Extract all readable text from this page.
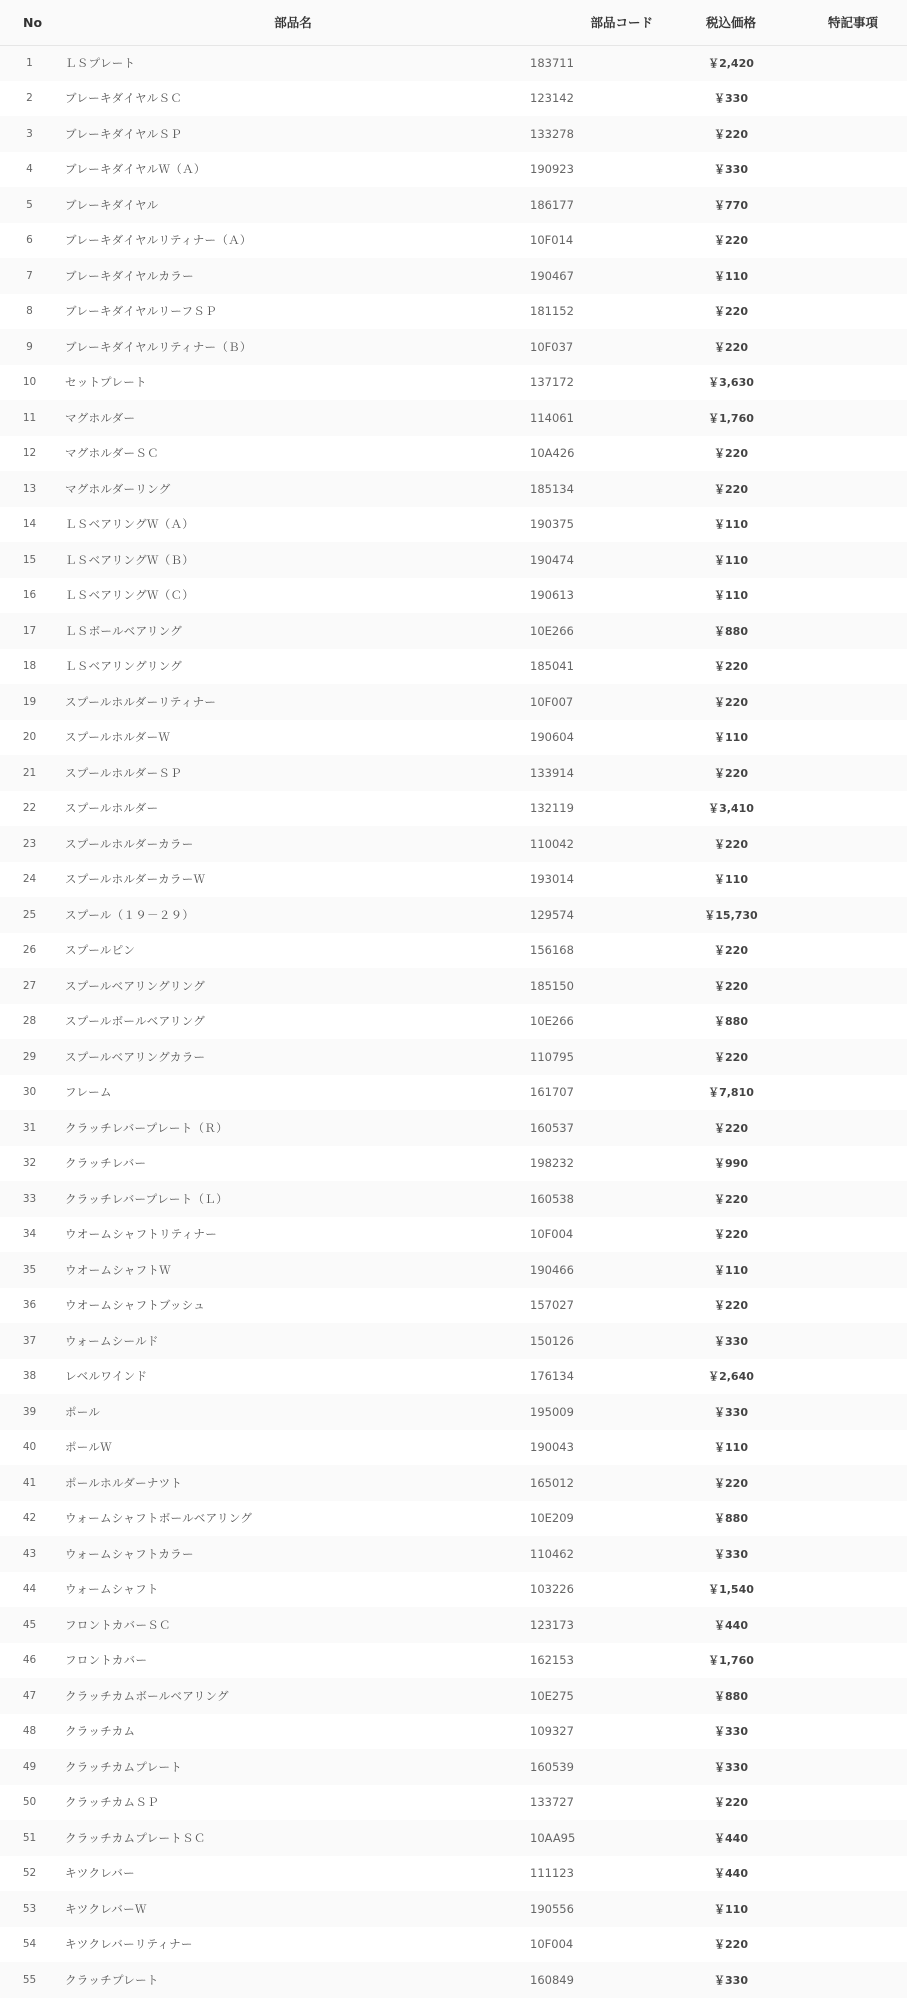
No	部品名	部品コード	税込価格	特記事項
1	ＬＳプレート	183711	￥2,420	
2	ブレーキダイヤルＳＣ	123142	￥330	
3	ブレーキダイヤルＳＰ	133278	￥220	
4	ブレーキダイヤルＷ（Ａ）	190923	￥330	
5	ブレーキダイヤル	186177	￥770	
6	ブレーキダイヤルリティナー（Ａ）	10F014	￥220	
7	ブレーキダイヤルカラー	190467	￥110	
8	ブレーキダイヤルリーフＳＰ	181152	￥220	
9	ブレーキダイヤルリティナー（Ｂ）	10F037	￥220	
10	セットプレート	137172	￥3,630	
11	マグホルダー	114061	￥1,760	
12	マグホルダーＳＣ	10A426	￥220	
13	マグホルダーリング	185134	￥220	
14	ＬＳベアリングＷ（Ａ）	190375	￥110	
15	ＬＳベアリングＷ（Ｂ）	190474	￥110	
16	ＬＳベアリングＷ（Ｃ）	190613	￥110	
17	ＬＳボールベアリング	10E266	￥880	
18	ＬＳベアリングリング	185041	￥220	
19	スプールホルダーリティナー	10F007	￥220	
20	スプールホルダーＷ	190604	￥110	
21	スプールホルダーＳＰ	133914	￥220	
22	スプールホルダー	132119	￥3,410	
23	スプールホルダーカラー	110042	￥220	
24	スプールホルダーカラーＷ	193014	￥110	
25	スプール（１９－２９）	129574	￥15,730	
26	スプールピン	156168	￥220	
27	スプールベアリングリング	185150	￥220	
28	スプールボールベアリング	10E266	￥880	
29	スプールベアリングカラー	110795	￥220	
30	フレーム	161707	￥7,810	
31	クラッチレバープレート（Ｒ）	160537	￥220	
32	クラッチレバー	198232	￥990	
33	クラッチレバープレート（Ｌ）	160538	￥220	
34	ウオームシャフトリティナー	10F004	￥220	
35	ウオームシャフトＷ	190466	￥110	
36	ウオームシャフトブッシュ	157027	￥220	
37	ウォームシールド	150126	￥330	
38	レベルワインド	176134	￥2,640	
39	ポール	195009	￥330	
40	ポールＷ	190043	￥110	
41	ポールホルダーナツト	165012	￥220	
42	ウォームシャフトボールベアリング	10E209	￥880	
43	ウォームシャフトカラー	110462	￥330	
44	ウォームシャフト	103226	￥1,540	
45	フロントカバーＳＣ	123173	￥440	
46	フロントカバー	162153	￥1,760	
47	クラッチカムボールベアリング	10E275	￥880	
48	クラッチカム	109327	￥330	
49	クラッチカムプレート	160539	￥330	
50	クラッチカムＳＰ	133727	￥220	
51	クラッチカムプレートＳＣ	10AA95	￥440	
52	キツクレバー	111123	￥440	
53	キツクレバーＷ	190556	￥110	
54	キツクレバーリティナー	10F004	￥220	
55	クラッチプレート	160849	￥330	
